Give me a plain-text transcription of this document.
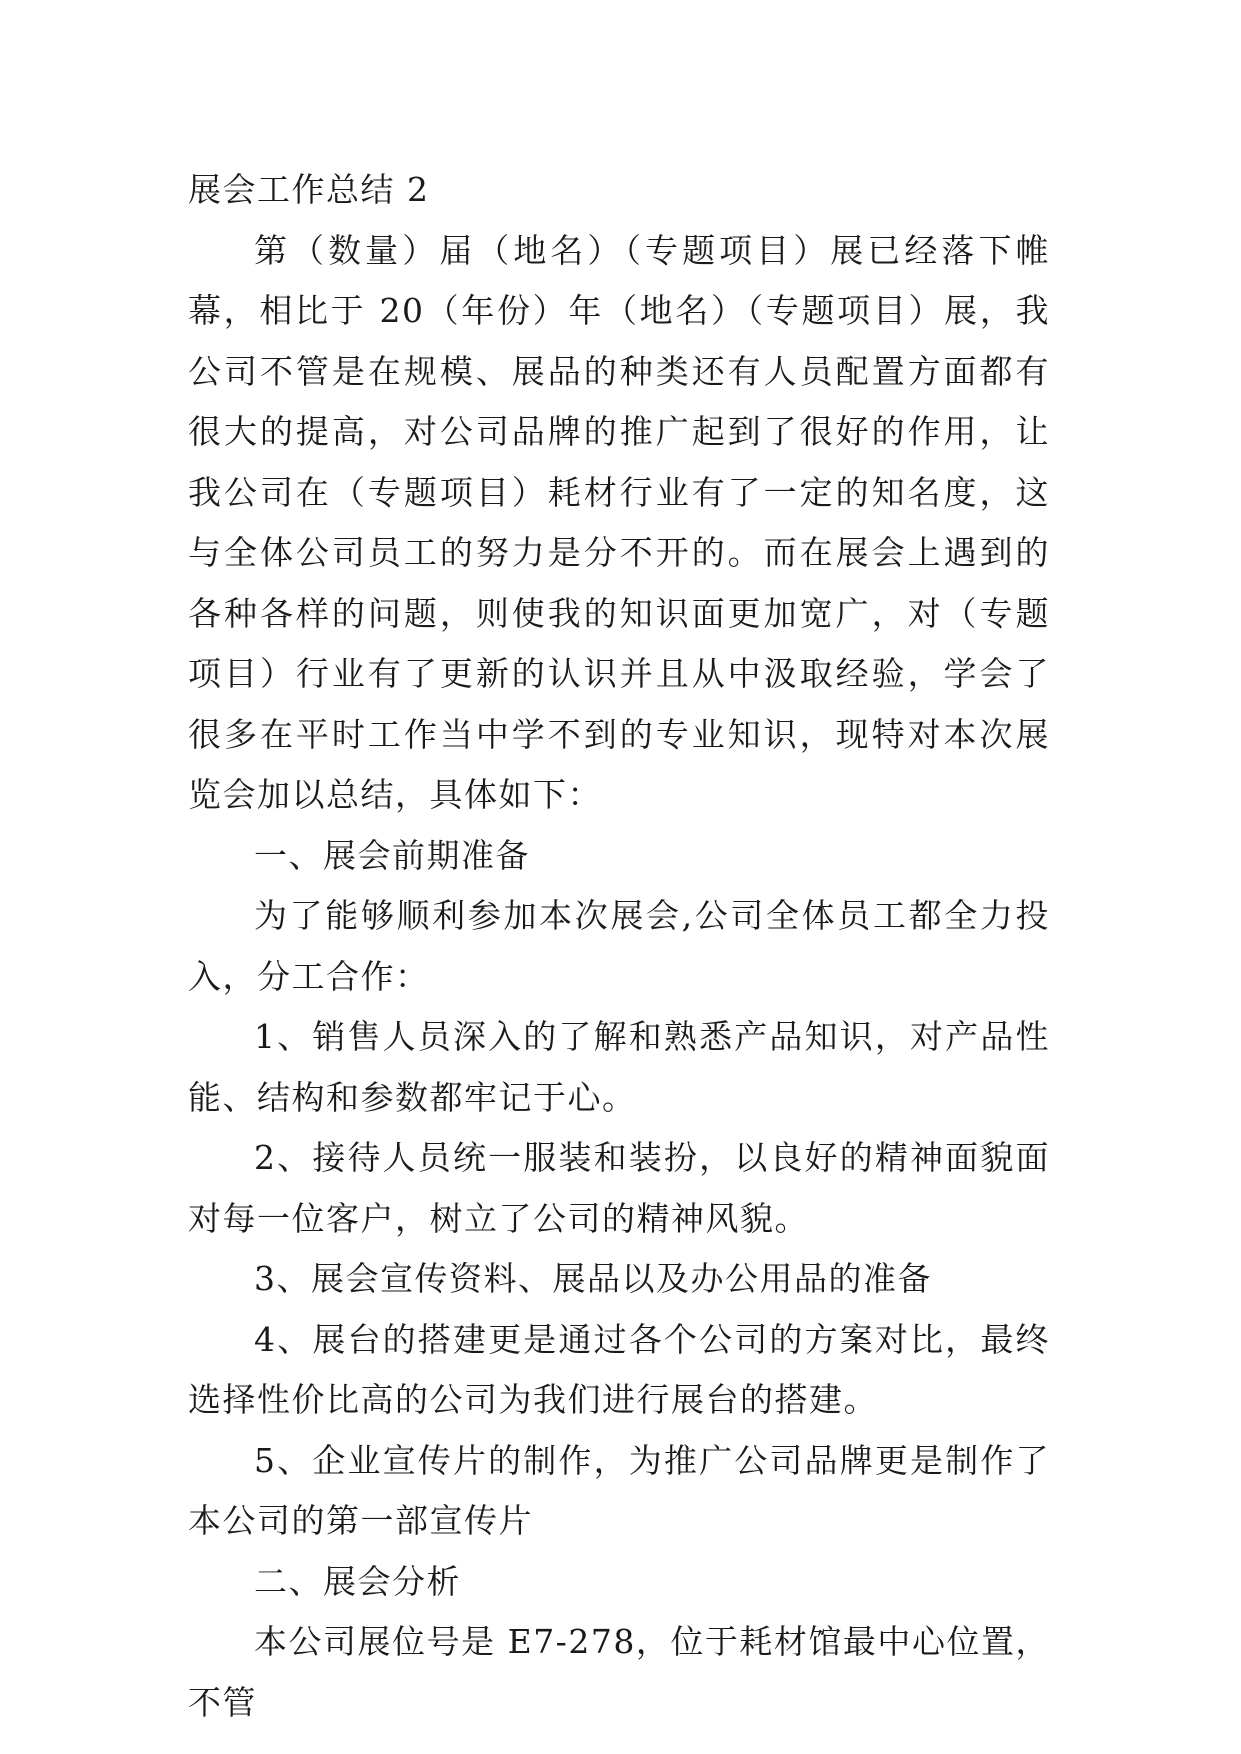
展会工作总结 2

第（数量）届（地名）（专题项目）展已经落下帷幕，相比于 20（年份）年（地名）（专题项目）展，我公司不管是在规模、展品的种类还有人员配置方面都有很大的提高，对公司品牌的推广起到了很好的作用，让我公司在（专题项目）耗材行业有了一定的知名度，这与全体公司员工的努力是分不开的。而在展会上遇到的各种各样的问题，则使我的知识面更加宽广，对（专题项目）行业有了更新的认识并且从中汲取经验，学会了很多在平时工作当中学不到的专业知识，现特对本次展览会加以总结，具体如下：

一、展会前期准备

为了能够顺利参加本次展会,公司全体员工都全力投入，分工合作：

1、销售人员深入的了解和熟悉产品知识，对产品性能、结构和参数都牢记于心。

2、接待人员统一服装和装扮，以良好的精神面貌面对每一位客户，树立了公司的精神风貌。

3、展会宣传资料、展品以及办公用品的准备

4、展台的搭建更是通过各个公司的方案对比，最终选择性价比高的公司为我们进行展台的搭建。

5、企业宣传片的制作，为推广公司品牌更是制作了本公司的第一部宣传片

二、展会分析

本公司展位号是 E7-278，位于耗材馆最中心位置，不管
